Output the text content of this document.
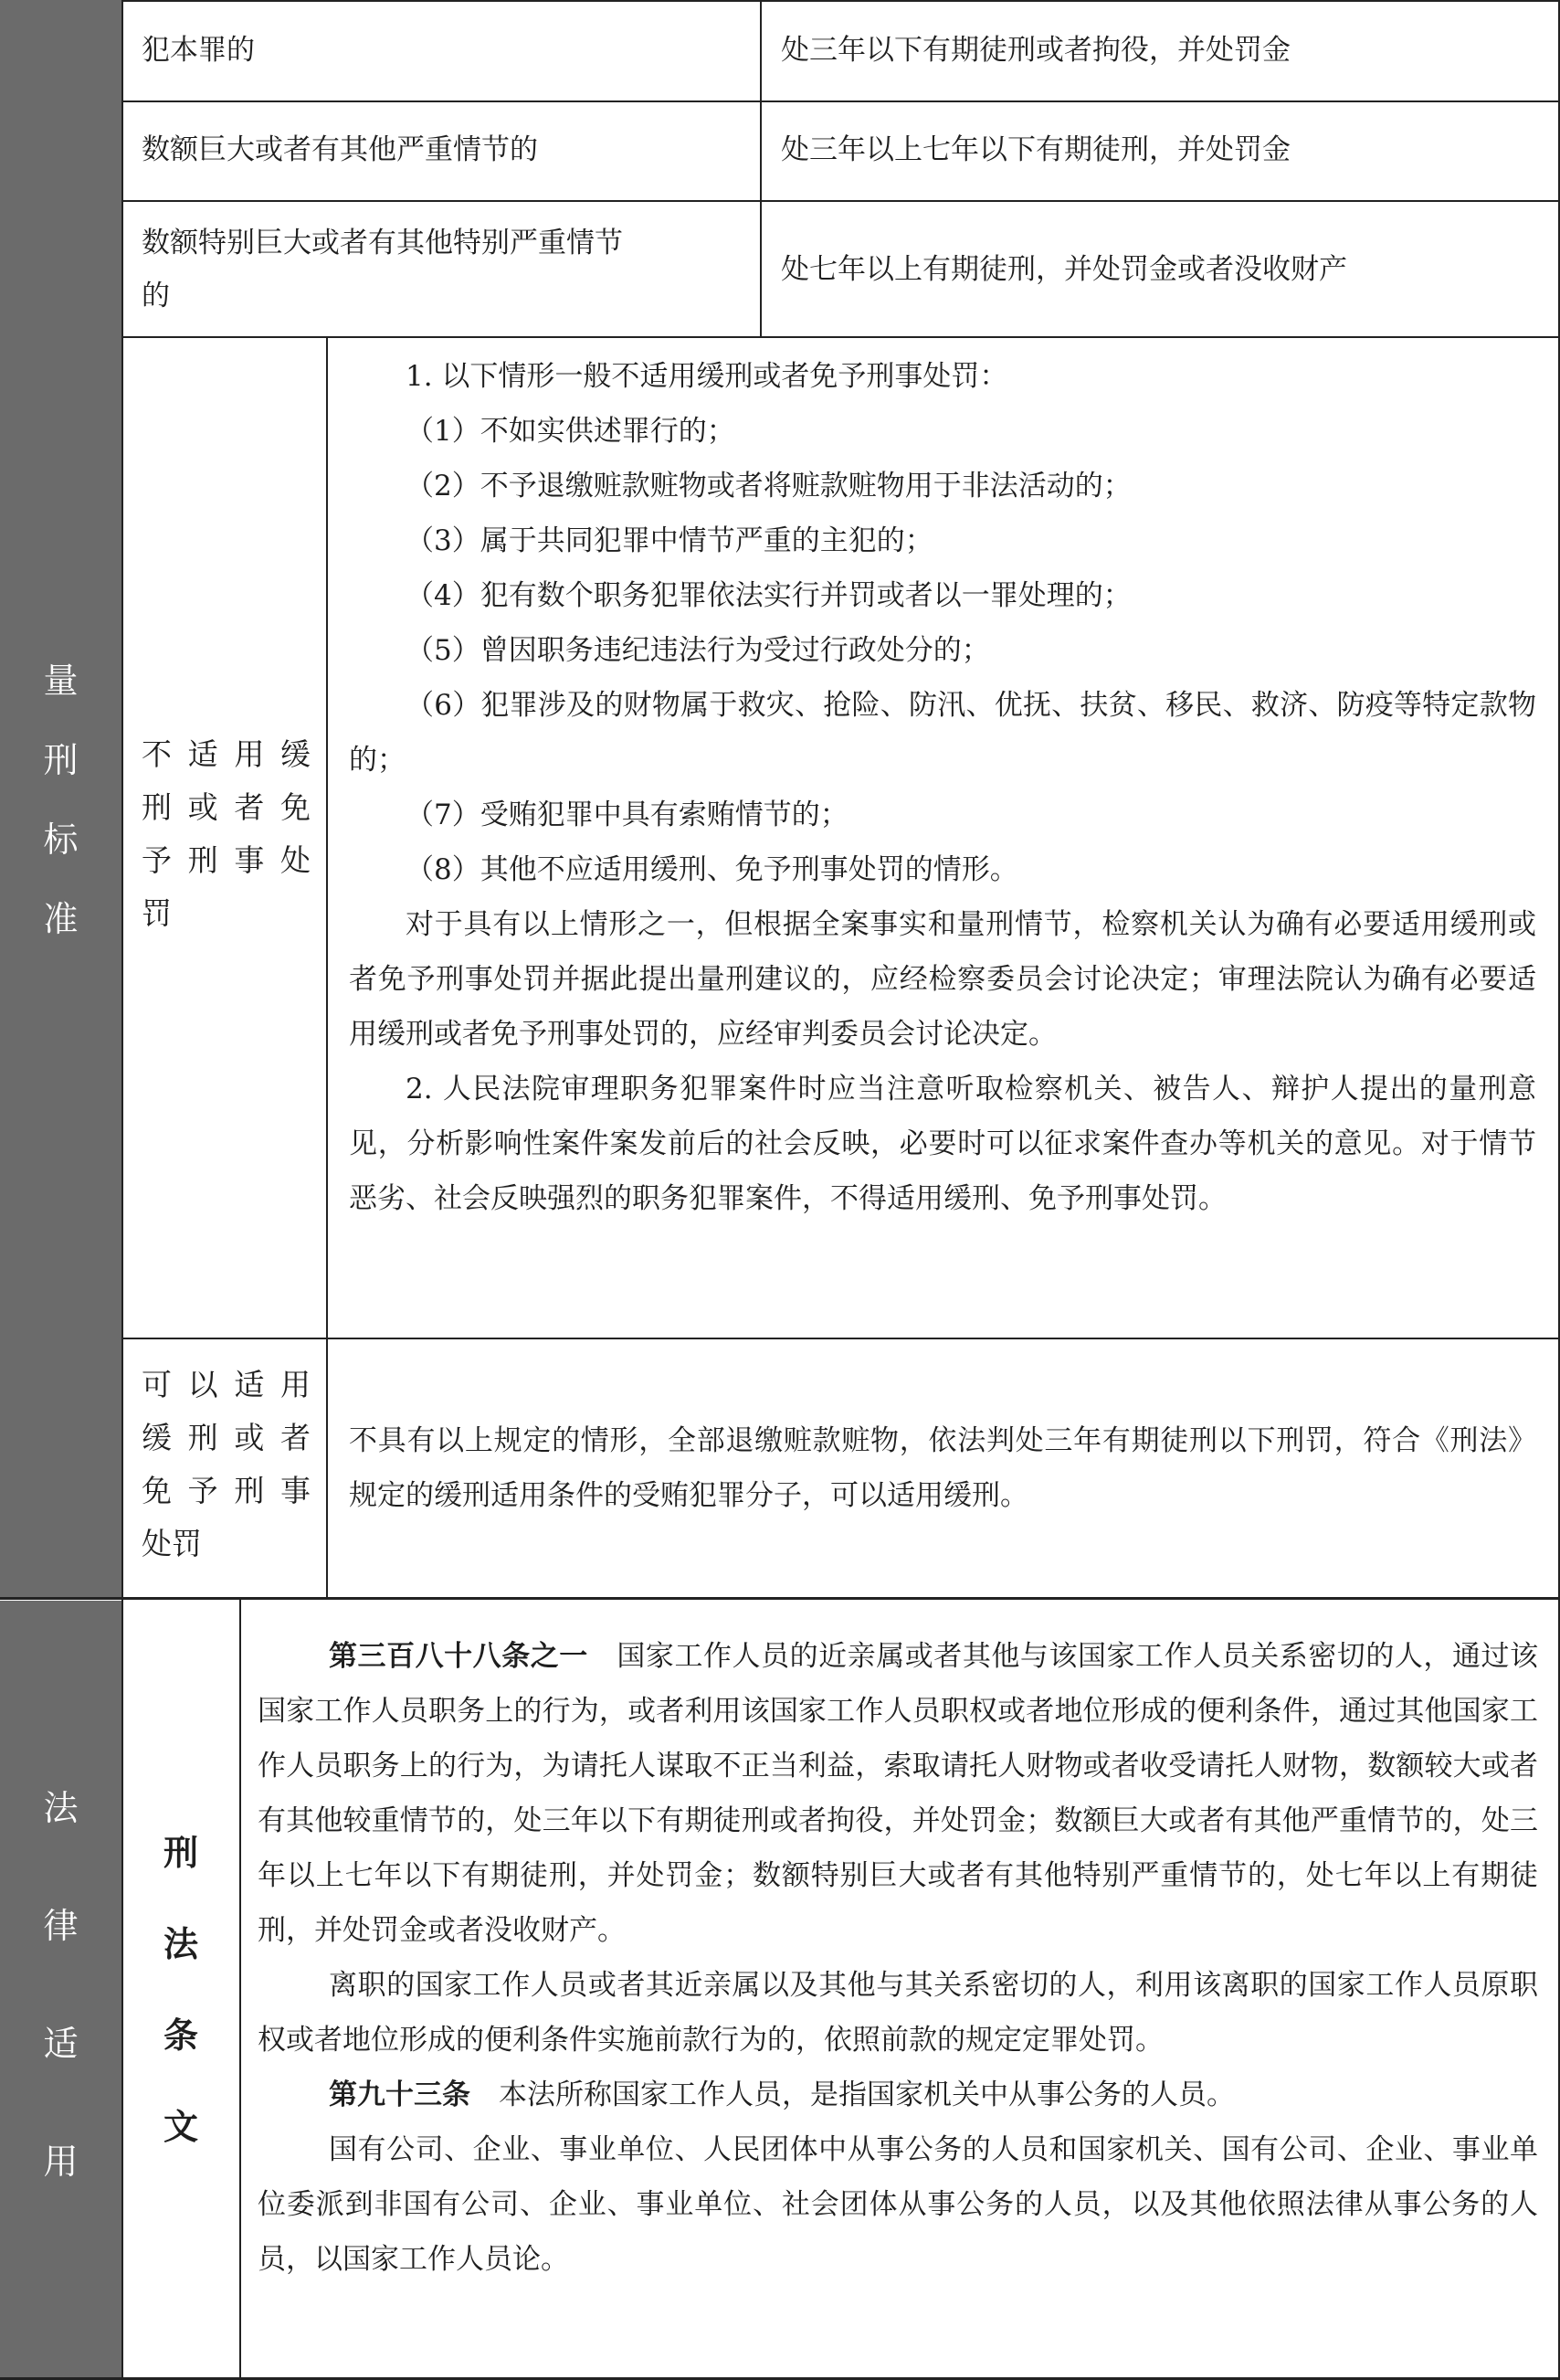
量
刑
标
准
法
律
适
用
犯本罪的	处三年以下有期徒刑或者拘役，并处罚金
数额巨大或者有其他严重情节的	处三年以上七年以下有期徒刑，并处罚金
数额特别巨大或者有其他特别严重情节
的
处七年以上有期徒刑，并处罚金或者没收财产
不适用缓
刑或者免
予刑事处
罚
1. 以下情形一般不适用缓刑或者免予刑事处罚：
（1）不如实供述罪行的；
（2）不予退缴赃款赃物或者将赃款赃物用于非法活动的；
（3）属于共同犯罪中情节严重的主犯的；
（4）犯有数个职务犯罪依法实行并罚或者以一罪处理的；
（5）曾因职务违纪违法行为受过行政处分的；
（6）犯罪涉及的财物属于救灾、抢险、防汛、优抚、扶贫、移民、救济、防疫等特定款物的；
（7）受贿犯罪中具有索贿情节的；
（8）其他不应适用缓刑、免予刑事处罚的情形。
对于具有以上情形之一，但根据全案事实和量刑情节，检察机关认为确有必要适用缓刑或者免予刑事处罚并据此提出量刑建议的，应经检察委员会讨论决定；审理法院认为确有必要适用缓刑或者免予刑事处罚的，应经审判委员会讨论决定。
2. 人民法院审理职务犯罪案件时应当注意听取检察机关、被告人、辩护人提出的量刑意见，分析影响性案件案发前后的社会反映，必要时可以征求案件查办等机关的意见。对于情节恶劣、社会反映强烈的职务犯罪案件，不得适用缓刑、免予刑事处罚。
可以适用
缓刑或者
免予刑事
处罚
不具有以上规定的情形，全部退缴赃款赃物，依法判处三年有期徒刑以下刑罚，符合《刑法》规定的缓刑适用条件的受贿犯罪分子，可以适用缓刑。
刑
法
条
文
第三百八十八条之一　 国家工作人员的近亲属或者其他与该国家工作人员关系密切的人，通过该国家工作人员职务上的行为，或者利用该国家工作人员职权或者地位形成的便利条件，通过其他国家工作人员职务上的行为，为请托人谋取不正当利益，索取请托人财物或者收受请托人财物，数额较大或者有其他较重情节的，处三年以下有期徒刑或者拘役，并处罚金；数额巨大或者有其他严重情节的，处三年以上七年以下有期徒刑，并处罚金；数额特别巨大或者有其他特别严重情节的，处七年以上有期徒刑，并处罚金或者没收财产。
离职的国家工作人员或者其近亲属以及其他与其关系密切的人，利用该离职的国家工作人员原职权或者地位形成的便利条件实施前款行为的，依照前款的规定定罪处罚。
第九十三条　 本法所称国家工作人员，是指国家机关中从事公务的人员。
国有公司、企业、事业单位、人民团体中从事公务的人员和国家机关、国有公司、企业、事业单位委派到非国有公司、企业、事业单位、社会团体从事公务的人员，以及其他依照法律从事公务的人员，以国家工作人员论。
